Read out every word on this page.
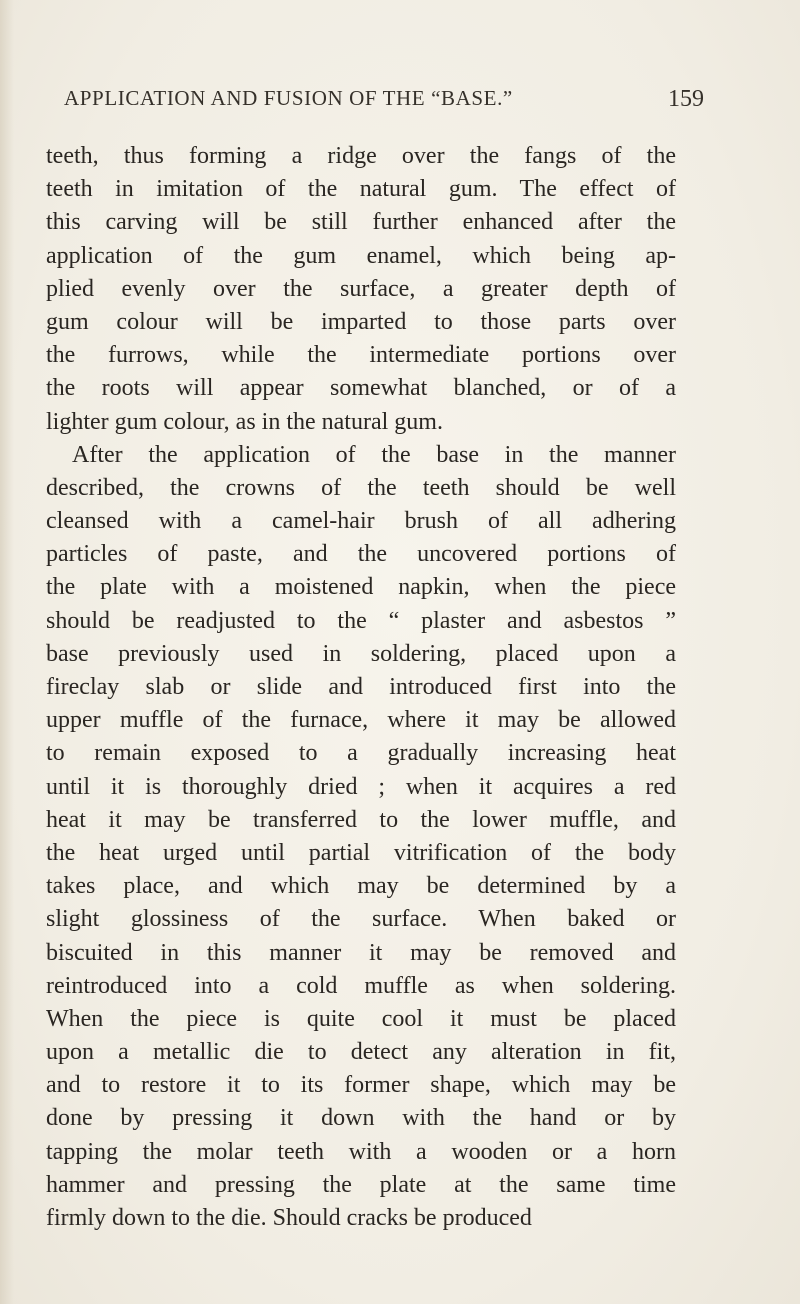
APPLICATION AND FUSION OF THE “BASE.”	159
teeth, thus forming a ridge over the fangs of the
teeth in imitation of the natural gum. The effect of
this carving will be still further enhanced after the
application of the gum enamel, which being ap-
plied evenly over the surface, a greater depth of
gum colour will be imparted to those parts over
the furrows, while the intermediate portions over
the roots will appear somewhat blanched, or of a
lighter gum colour, as in the natural gum.
After the application of the base in the manner
described, the crowns of the teeth should be well
cleansed with a camel-hair brush of all adhering
particles of paste, and the uncovered portions of
the plate with a moistened napkin, when the piece
should be readjusted to the “ plaster and asbestos ”
base previously used in soldering, placed upon a
fireclay slab or slide and introduced first into the
upper muffle of the furnace, where it may be allowed
to remain exposed to a gradually increasing heat
until it is thoroughly dried ; when it acquires a red
heat it may be transferred to the lower muffle, and
the heat urged until partial vitrification of the body
takes place, and which may be determined by a
slight glossiness of the surface. When baked or
biscuited in this manner it may be removed and
reintroduced into a cold muffle as when soldering.
When the piece is quite cool it must be placed
upon a metallic die to detect any alteration in fit,
and to restore it to its former shape, which may be
done by pressing it down with the hand or by
tapping the molar teeth with a wooden or a horn
hammer and pressing the plate at the same time
firmly down to the die. Should cracks be produced
